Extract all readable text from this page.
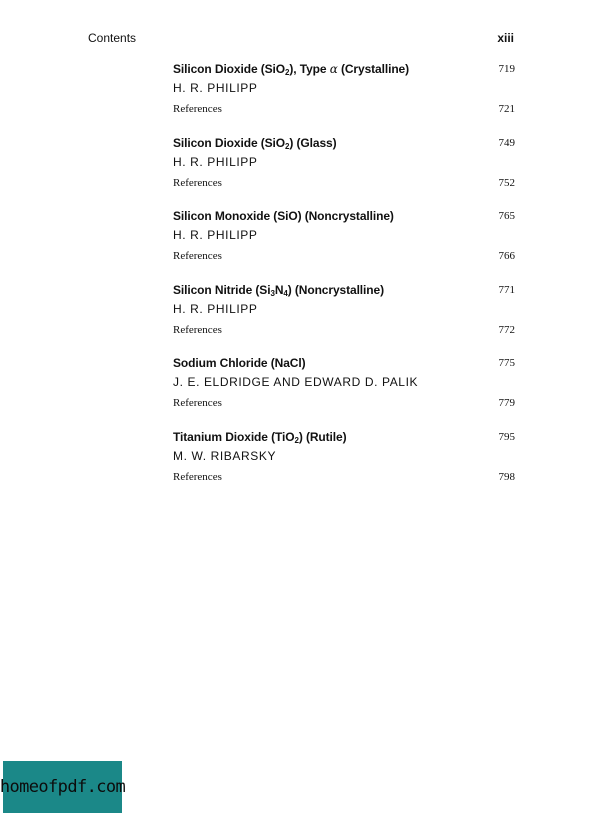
Contents	xiii
Silicon Dioxide (SiO$_2$), Type α (Crystalline)	719
H. R. PHILIPP
References	721
Silicon Dioxide (SiO$_2$) (Glass)	749
H. R. PHILIPP
References	752
Silicon Monoxide (SiO) (Noncrystalline)	765
H. R. PHILIPP
References	766
Silicon Nitride $(Si_3N_4)$ (Noncrystalline)	771
H. R. PHILIPP
References	772
Sodium Chloride (NaCl)	775
J. E. ELDRIDGE AND EDWARD D. PALIK
References	779
Titanium Dioxide (TiO$_2$) (Rutile)	795
M. W. RIBARSKY
References	798
homeofpdf.com
